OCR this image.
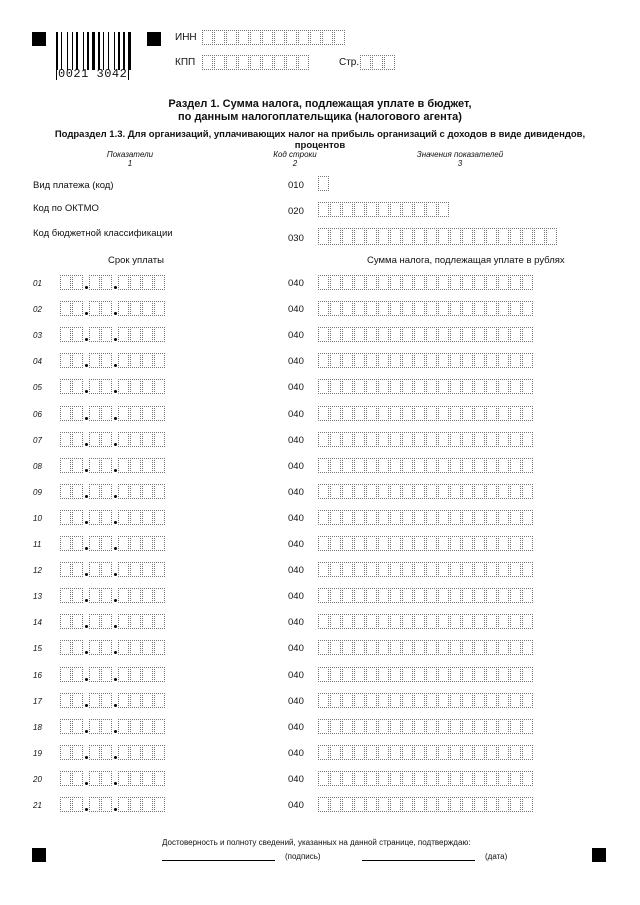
0021 3042
ИНН
КПП	Стр.
Раздел 1. Сумма налога, подлежащая уплате в бюджет,
по данным налогоплательщика (налогового агента)
Подраздел 1.3. Для организаций, уплачивающих налог на прибыль организаций с доходов в виде дивидендов, процентов
Показатели
1
Код строки
2
Значения показателей
3
Вид платежа (код)	010
Код по ОКТМО	020
Код бюджетной классификации	030
Срок уплаты	Сумма налога, подлежащая уплате в рублях
01	040
02	040
03	040
04	040
05	040
06	040
07	040
08	040
09	040
10	040
11	040
12	040
13	040
14	040
15	040
16	040
17	040
18	040
19	040
20	040
21	040
Достоверность и полноту сведений, указанных на данной странице, подтверждаю:
(подпись)	(дата)
